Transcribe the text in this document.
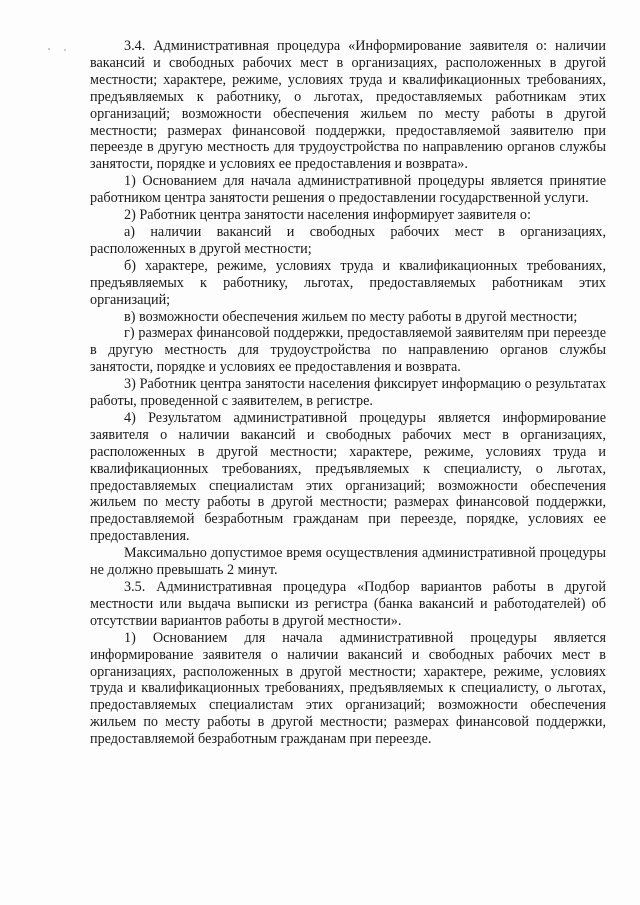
3.4. Административная процедура «Информирование заявителя о: наличии вакансий и свободных рабочих мест в организациях, расположенных в другой местности; характере, режиме, условиях труда и квалификационных требованиях, предъявляемых к работнику, о льготах, предоставляемых работникам этих организаций; возможности обеспечения жильем по месту работы в другой местности; размерах финансовой поддержки, предоставляемой заявителю при переезде в другую местность для трудоустройства по направлению органов службы занятости, порядке и условиях ее предоставления и возврата».

1) Основанием для начала административной процедуры является принятие работником центра занятости решения о предоставлении государственной услуги.

2) Работник центра занятости населения информирует заявителя о:

а) наличии вакансий и свободных рабочих мест в организациях, расположенных в другой местности;

б) характере, режиме, условиях труда и квалификационных требованиях, предъявляемых к работнику, льготах, предоставляемых работникам этих организаций;

в) возможности обеспечения жильем по месту работы в другой местности;

г) размерах финансовой поддержки, предоставляемой заявителям при переезде в другую местность для трудоустройства по направлению органов службы занятости, порядке и условиях ее предоставления и возврата.

3) Работник центра занятости населения фиксирует информацию о результатах работы, проведенной с заявителем, в регистре.

4) Результатом административной процедуры является информирование заявителя о наличии вакансий и свободных рабочих мест в организациях, расположенных в другой местности; характере, режиме, условиях труда и квалификационных требованиях, предъявляемых к специалисту, о льготах, предоставляемых специалистам этих организаций; возможности обеспечения жильем по месту работы в другой местности; размерах финансовой поддержки, предоставляемой безработным гражданам при переезде, порядке, условиях ее предоставления.

Максимально допустимое время осуществления административной процедуры не должно превышать 2 минут.

3.5. Административная процедура «Подбор вариантов работы в другой местности или выдача выписки из регистра (банка вакансий и работодателей) об отсутствии вариантов работы в другой местности».

1) Основанием для начала административной процедуры является информирование заявителя о наличии вакансий и свободных рабочих мест в организациях, расположенных в другой местности; характере, режиме, условиях труда и квалификационных требованиях, предъявляемых к специалисту, о льготах, предоставляемых специалистам этих организаций; возможности обеспечения жильем по месту работы в другой местности; размерах финансовой поддержки, предоставляемой безработным гражданам при переезде.
